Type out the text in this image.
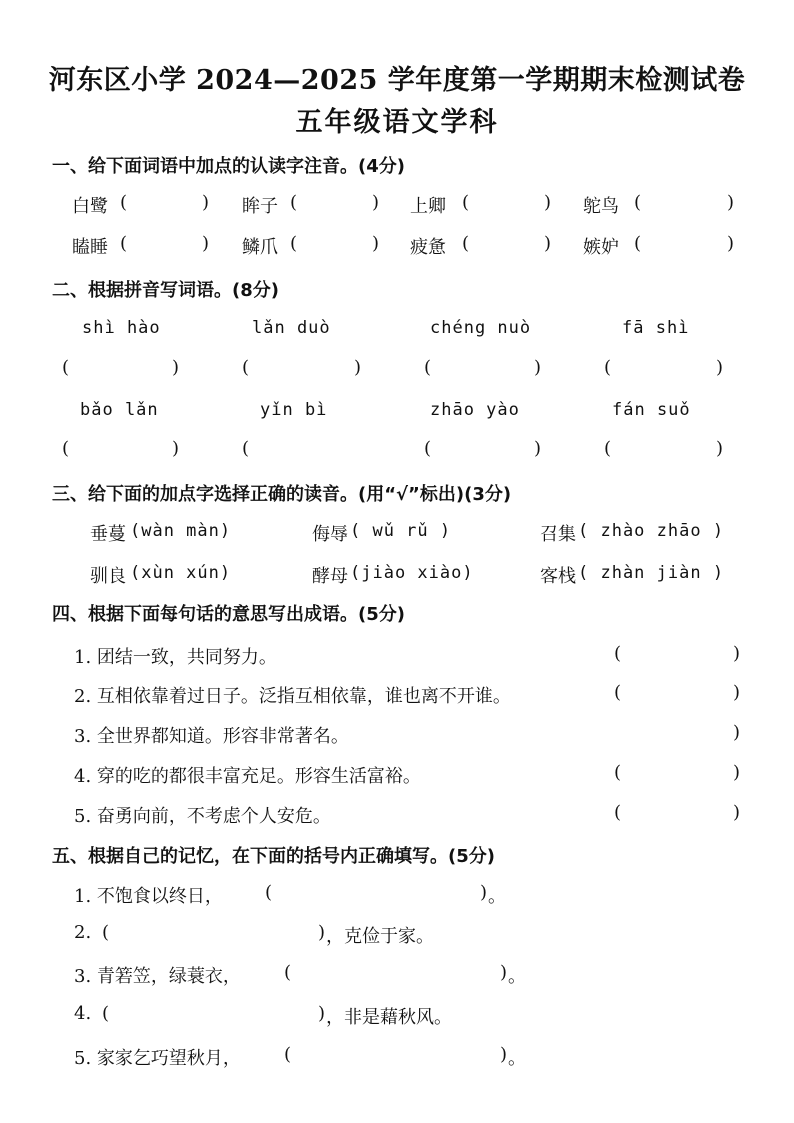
河东区小学 2024—2025 学年度第一学期期末检测试卷
五年级语文学科
一、给下面词语中加点的认读字注音。(4分)
白鹭 (	) 眸子 (	) 上卿 (	) 鸵鸟 (	)
瞌睡 (	) 鳞爪 (	) 疲惫 (	) 嫉妒 (	)
二、根据拼音写词语。(8分)
shì hào	lǎn duò	chéng nuò	fā shì
(	)	(	)	(	)	(	)
bǎo lǎn	yǐn bì	zhāo yào	fán suǒ
(	)	(	(	)	(	)
三、给下面的加点字选择正确的读音。(用“√”标出)(3分)
垂蔓 (wàn màn)	侮辱 ( wǔ rǔ )	召集 ( zhào zhāo )
驯良 (xùn xún)	酵母 (jiào xiào)	客栈 ( zhàn jiàn )
四、根据下面每句话的意思写出成语。(5分)
1. 团结一致，共同努力。	(	)
2. 互相依靠着过日子。泛指互相依靠，谁也离不开谁。	(	)
3. 全世界都知道。形容非常著名。	)
4. 穿的吃的都很丰富充足。形容生活富裕。	(	)
5. 奋勇向前，不考虑个人安危。	(	)
五、根据自己的记忆，在下面的括号内正确填写。(5分)
1. 不饱食以终日， (	) 。
2. (	) ，克俭于家。
3. 青箬笠，绿蓑衣， (	) 。
4. (	) ，非是藉秋风。
5. 家家乞巧望秋月， (	) 。
